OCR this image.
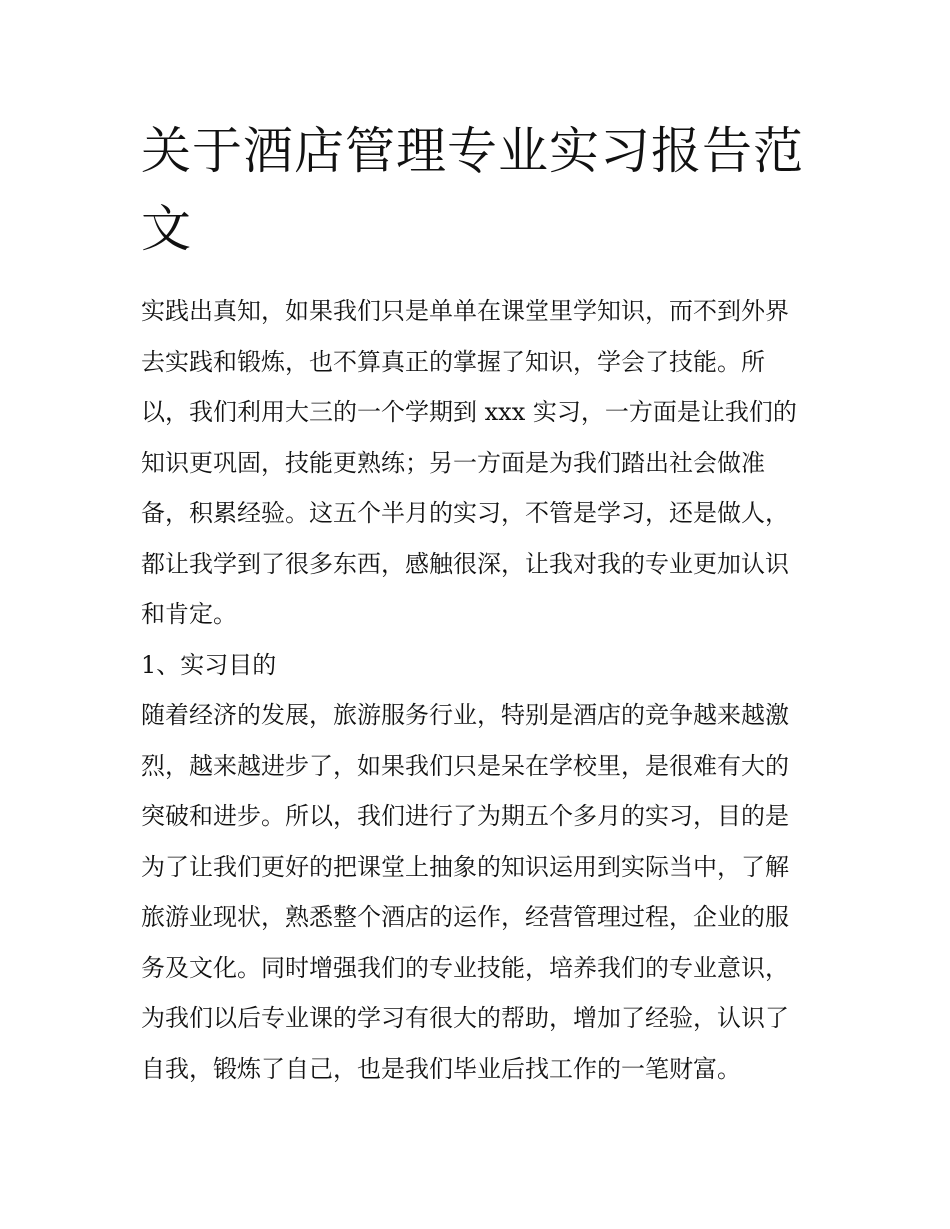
关于酒店管理专业实习报告范
文
实践出真知，如果我们只是单单在课堂里学知识，而不到外界
去实践和锻炼，也不算真正的掌握了知识，学会了技能。所
以，我们利用大三的一个学期到 xxx 实习，一方面是让我们的
知识更巩固，技能更熟练；另一方面是为我们踏出社会做准
备，积累经验。这五个半月的实习，不管是学习，还是做人，
都让我学到了很多东西，感触很深，让我对我的专业更加认识
和肯定。
1、实习目的
随着经济的发展，旅游服务行业，特别是酒店的竞争越来越激
烈，越来越进步了，如果我们只是呆在学校里，是很难有大的
突破和进步。所以，我们进行了为期五个多月的实习，目的是
为了让我们更好的把课堂上抽象的知识运用到实际当中，了解
旅游业现状，熟悉整个酒店的运作，经营管理过程，企业的服
务及文化。同时增强我们的专业技能，培养我们的专业意识，
为我们以后专业课的学习有很大的帮助，增加了经验，认识了
自我，锻炼了自己，也是我们毕业后找工作的一笔财富。
